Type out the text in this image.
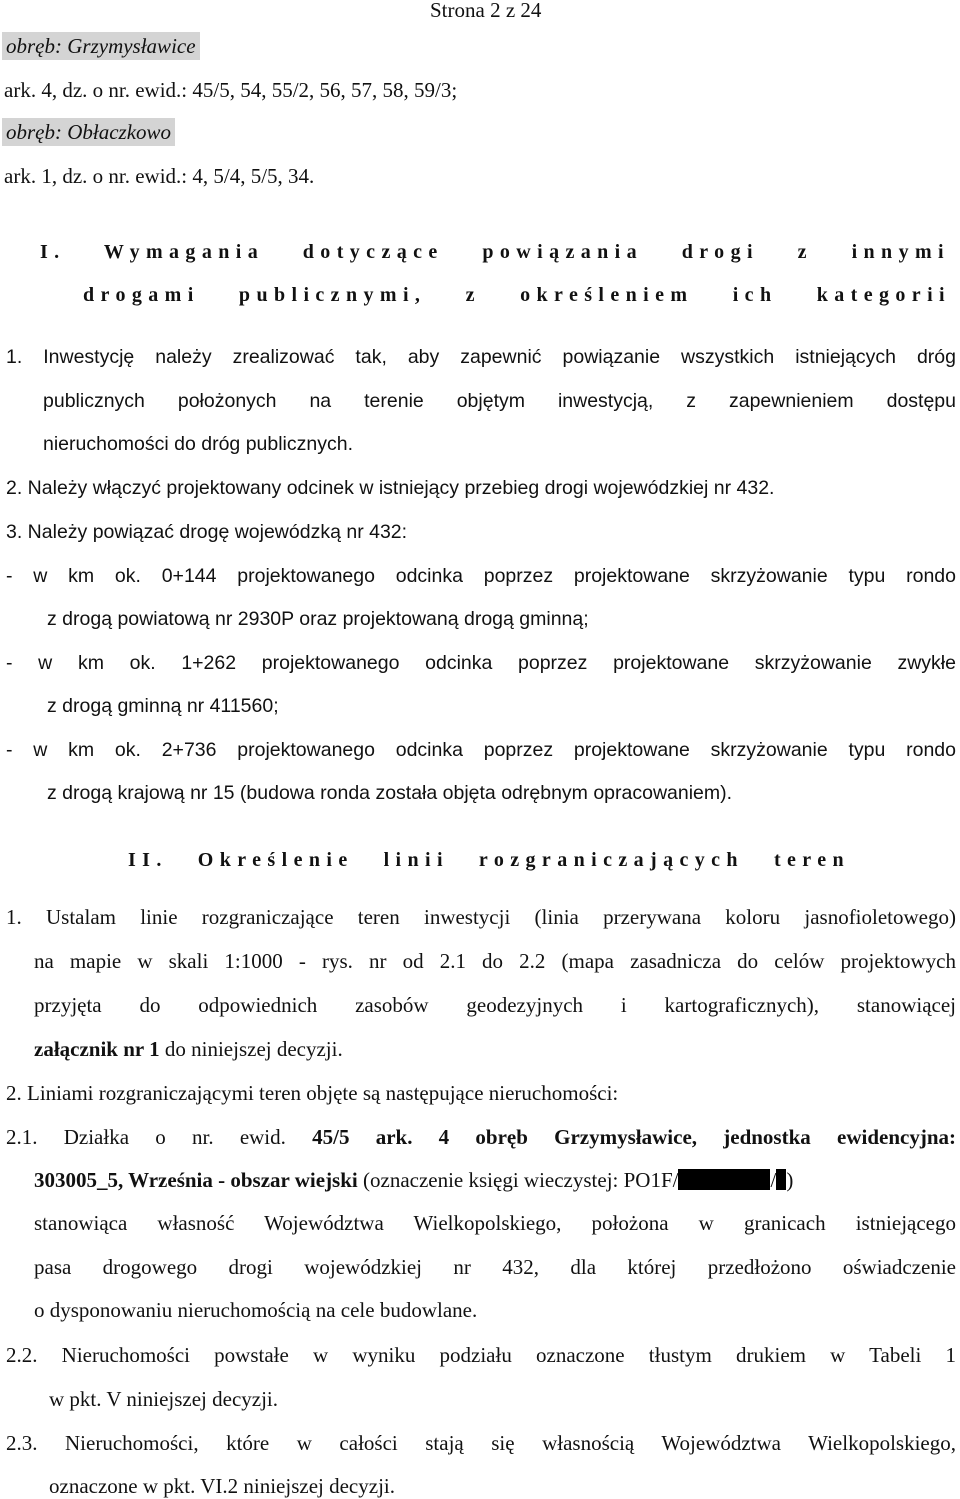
Strona 2 z 24
obręb: Grzymysławice
ark. 4, dz. o nr. ewid.: 45/5, 54, 55/2, 56, 57, 58, 59/3;
obręb: Obłaczkowo
ark. 1, dz. o nr. ewid.: 4, 5/4, 5/5, 34.
I. Wymagania dotyczące powiązania drogi z innymi
drogami publicznymi, z określeniem ich kategorii
1. Inwestycję należy zrealizować tak, aby zapewnić powiązanie wszystkich istniejących dróg
publicznych położonych na terenie objętym inwestycją, z zapewnieniem dostępu
nieruchomości do dróg publicznych.
2. Należy włączyć projektowany odcinek w istniejący przebieg drogi wojewódzkiej nr 432.
3. Należy powiązać drogę wojewódzką nr 432:
- w km ok. 0+144 projektowanego odcinka poprzez projektowane skrzyżowanie typu rondo
z drogą powiatową nr 2930P oraz projektowaną drogą gminną;
- w km ok. 1+262 projektowanego odcinka poprzez projektowane skrzyżowanie zwykłe
z drogą gminną nr 411560;
- w km ok. 2+736 projektowanego odcinka poprzez projektowane skrzyżowanie typu rondo
z drogą krajową nr 15 (budowa ronda została objęta odrębnym opracowaniem).
II. Określenie linii rozgraniczających teren
1. Ustalam linie rozgraniczające teren inwestycji (linia przerywana koloru jasnofioletowego)
na mapie w skali 1:1000 - rys. nr od 2.1 do 2.2 (mapa zasadnicza do celów projektowych
przyjęta do odpowiednich zasobów geodezyjnych i kartograficznych), stanowiącej
załącznik nr 1 do niniejszej decyzji.
2. Liniami rozgraniczającymi teren objęte są następujące nieruchomości:
2.1. Działka o nr. ewid. 45/5 ark. 4 obręb Grzymysławice, jednostka ewidencyjna:
303005_5, Września - obszar wiejski (oznaczenie księgi wieczystej: PO1F/	/ )
stanowiąca własność Województwa Wielkopolskiego, położona w granicach istniejącego
pasa drogowego drogi wojewódzkiej nr 432, dla której przedłożono oświadczenie
o dysponowaniu nieruchomością na cele budowlane.
2.2. Nieruchomości powstałe w wyniku podziału oznaczone tłustym drukiem w Tabeli 1
w pkt. V niniejszej decyzji.
2.3. Nieruchomości, które w całości stają się własnością Województwa Wielkopolskiego,
oznaczone w pkt. VI.2 niniejszej decyzji.
